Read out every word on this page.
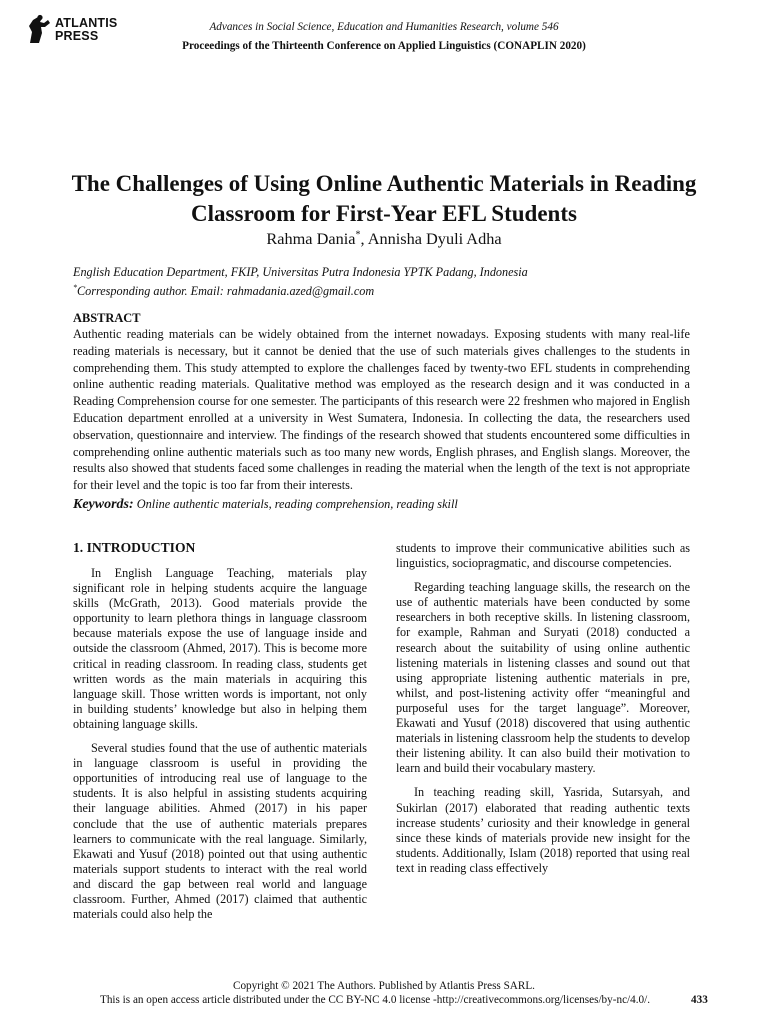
ATLANTIS
PRESS
Advances in Social Science, Education and Humanities Research, volume 546
Proceedings of the Thirteenth Conference on Applied Linguistics (CONAPLIN 2020)
The Challenges of Using Online Authentic Materials in Reading Classroom for First-Year EFL Students
Rahma Dania*, Annisha Dyuli Adha
English Education Department, FKIP, Universitas Putra Indonesia YPTK Padang, Indonesia
*Corresponding author. Email: rahmadania.azed@gmail.com
ABSTRACT

Authentic reading materials can be widely obtained from the internet nowadays. Exposing students with many real-life reading materials is necessary, but it cannot be denied that the use of such materials gives challenges to the students in comprehending them. This study attempted to explore the challenges faced by twenty-two EFL students in comprehending online authentic reading materials. Qualitative method was employed as the research design and it was conducted in a Reading Comprehension course for one semester. The participants of this research were 22 freshmen who majored in English Education department enrolled at a university in West Sumatera, Indonesia. In collecting the data, the researchers used observation, questionnaire and interview. The findings of the research showed that students encountered some difficulties in comprehending online authentic materials such as too many new words, English phrases, and English slangs. Moreover, the results also showed that students faced some challenges in reading the material when the length of the text is not appropriate for their level and the topic is too far from their interests.

Keywords: Online authentic materials, reading comprehension, reading skill
1. INTRODUCTION

In English Language Teaching, materials play significant role in helping students acquire the language skills (McGrath, 2013). Good materials provide the opportunity to learn plethora things in language classroom because materials expose the use of language inside and outside the classroom (Ahmed, 2017). This is become more critical in reading classroom. In reading class, students get written words as the main materials in acquiring this language skill. Those written words is important, not only in building students’ knowledge but also in helping them obtaining language skills.

Several studies found that the use of authentic materials in language classroom is useful in providing the opportunities of introducing real use of language to the students. It is also helpful in assisting students acquiring their language abilities. Ahmed (2017) in his paper conclude that the use of authentic materials prepares learners to communicate with the real language. Similarly, Ekawati and Yusuf (2018) pointed out that using authentic materials support students to interact with the real world and discard the gap between real world and language classroom. Further, Ahmed (2017) claimed that authentic materials could also help the

students to improve their communicative abilities such as linguistics, sociopragmatic, and discourse competencies.

Regarding teaching language skills, the research on the use of authentic materials have been conducted by some researchers in both receptive skills. In listening classroom, for example, Rahman and Suryati (2018) conducted a research about the suitability of using online authentic listening materials in listening classes and sound out that using appropriate listening authentic materials in pre, whilst, and post-listening activity offer “meaningful and purposeful uses for the target language”. Moreover, Ekawati and Yusuf (2018) discovered that using authentic materials in listening classroom help the students to develop their listening ability. It can also build their motivation to learn and build their vocabulary mastery.

In teaching reading skill, Yasrida, Sutarsyah, and Sukirlan (2017) elaborated that reading authentic texts increase students’ curiosity and their knowledge in general since these kinds of materials provide new insight for the students. Additionally, Islam (2018) reported that using real text in reading class effectively

Copyright © 2021 The Authors. Published by Atlantis Press SARL.
This is an open access article distributed under the CC BY-NC 4.0 license -http://creativecommons.org/licenses/by-nc/4.0/.	433
